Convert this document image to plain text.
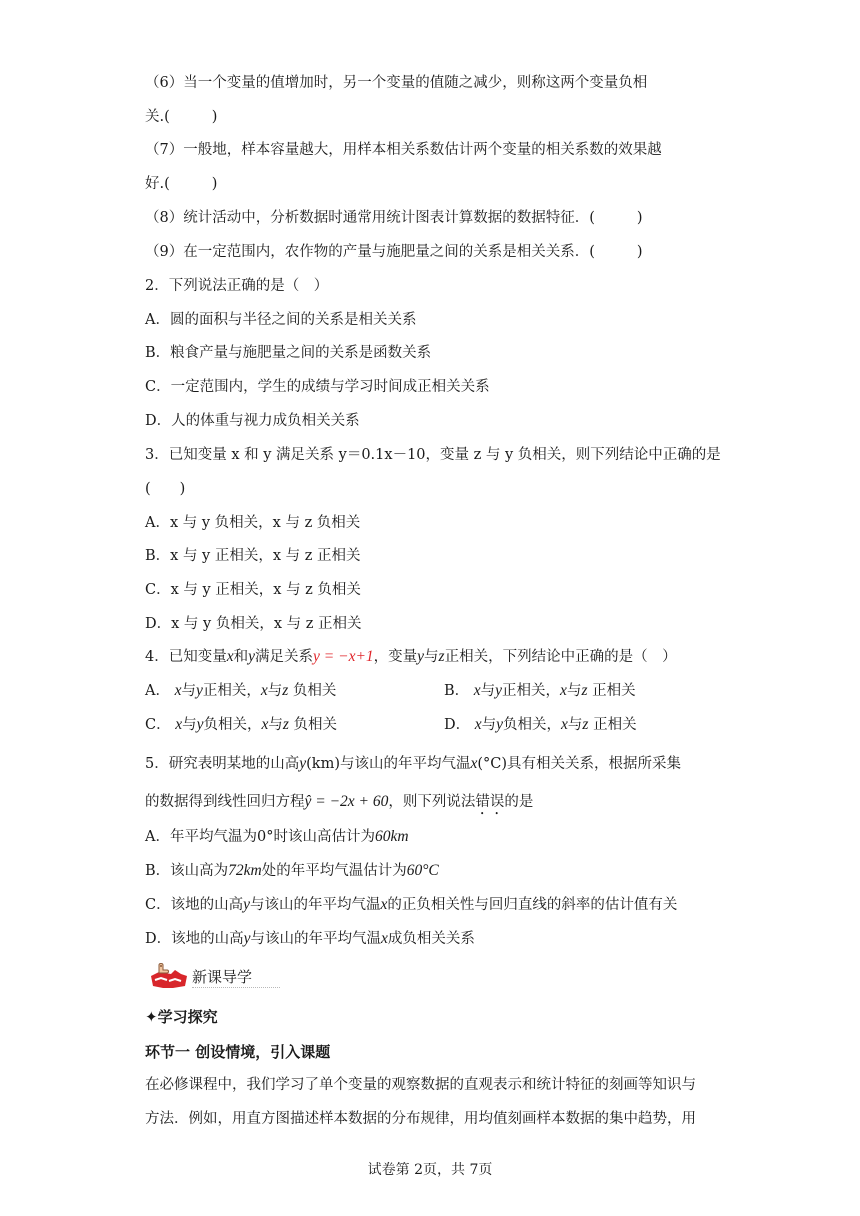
（6）当一个变量的值增加时，另一个变量的值随之减少，则称这两个变量负相
关.(	)
（7）一般地，样本容量越大，用样本相关系数估计两个变量的相关系数的效果越
好.(	)
（8）统计活动中，分析数据时通常用统计图表计算数据的数据特征．(	)
（9）在一定范围内，农作物的产量与施肥量之间的关系是相关关系．(	)
2．下列说法正确的是（　）
A．圆的面积与半径之间的关系是相关关系
B．粮食产量与施肥量之间的关系是函数关系
C．一定范围内，学生的成绩与学习时间成正相关关系
D．人的体重与视力成负相关关系
3．已知变量 x 和 y 满足关系 y＝0.1x－10，变量 z 与 y 负相关，则下列结论中正确的是
(　　)
A．x 与 y 负相关，x 与 z 负相关
B．x 与 y 正相关，x 与 z 正相关
C．x 与 y 正相关，x 与 z 负相关
D．x 与 y 负相关，x 与 z 正相关
4．已知变量x和y满足关系y = −x+1，变量y与z正相关，下列结论中正确的是（　）
A． x与y正相关，x与z 负相关	B． x与y正相关，x与z 正相关
C． x与y负相关，x与z 负相关	D． x与y负相关，x与z 正相关
5．研究表明某地的山高y(km)与该山的年平均气温x(°C)具有相关关系，根据所采集
的数据得到线性回归方程ŷ = −2x + 60，则下列说法错误的是
A．年平均气温为0°时该山高估计为60km
B．该山高为72km处的年平均气温估计为60°C
C．该地的山高y与该山的年平均气温x的正负相关性与回归直线的斜率的估计值有关
D．该地的山高y与该山的年平均气温x成负相关关系
新课导学
✦学习探究
环节一 创设情境，引入课题
在必修课程中，我们学习了单个变量的观察数据的直观表示和统计特征的刻画等知识与
方法．例如，用直方图描述样本数据的分布规律，用均值刻画样本数据的集中趋势，用
试卷第 2页，共 7页
